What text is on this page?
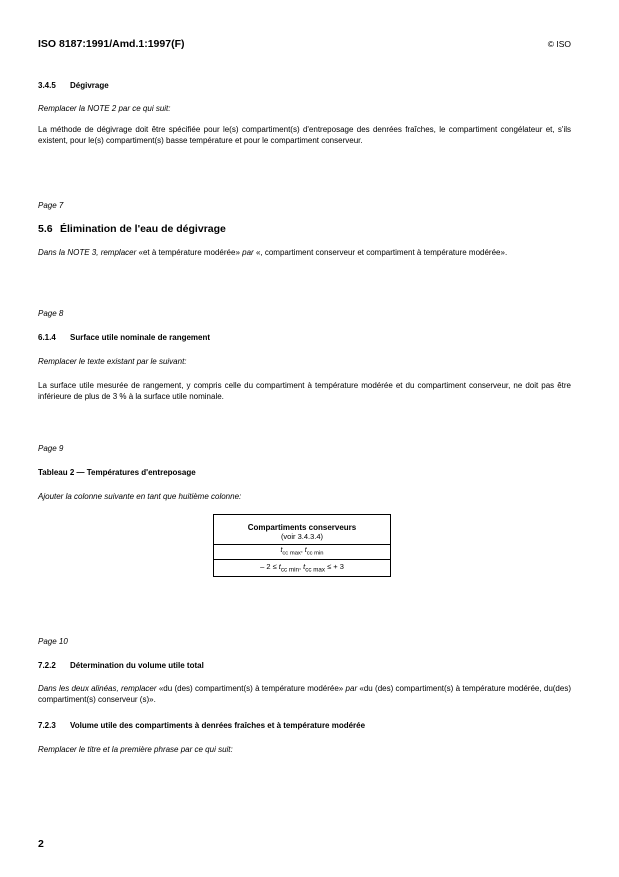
ISO 8187:1991/Amd.1:1997(F)	© ISO
3.4.5 Dégivrage
Remplacer la NOTE 2 par ce qui suit:
La méthode de dégivrage doit être spécifiée pour le(s) compartiment(s) d'entreposage des denrées fraîches, le compartiment congélateur et, s'ils existent, pour le(s) compartiment(s) basse température et pour le compartiment conserveur.
Page 7
5.6 Élimination de l'eau de dégivrage
Dans la NOTE 3, remplacer «et à température modérée» par «, compartiment conserveur et compartiment à température modérée».
Page 8
6.1.4 Surface utile nominale de rangement
Remplacer le texte existant par le suivant:
La surface utile mesurée de rangement, y compris celle du compartiment à température modérée et du compartiment conserveur, ne doit pas être inférieure de plus de 3 % à la surface utile nominale.
Page 9
Tableau 2 — Températures d'entreposage
Ajouter la colonne suivante en tant que huitième colonne:
Compartiments conserveurs
(voir 3.4.3.4)

$t_{cc max}$, $t_{cc min}$
– $2 \le t_{cc min}$, $t_{cc max}$ ≤ + 3
Page 10
7.2.2 Détermination du volume utile total
Dans les deux alinéas, remplacer «du (des) compartiment(s) à température modérée» par «du (des) compartiment(s) à température modérée, du(des) compartiment(s) conserveur (s)».
7.2.3 Volume utile des compartiments à denrées fraîches et à température modérée
Remplacer le titre et la première phrase par ce qui suit:
2
